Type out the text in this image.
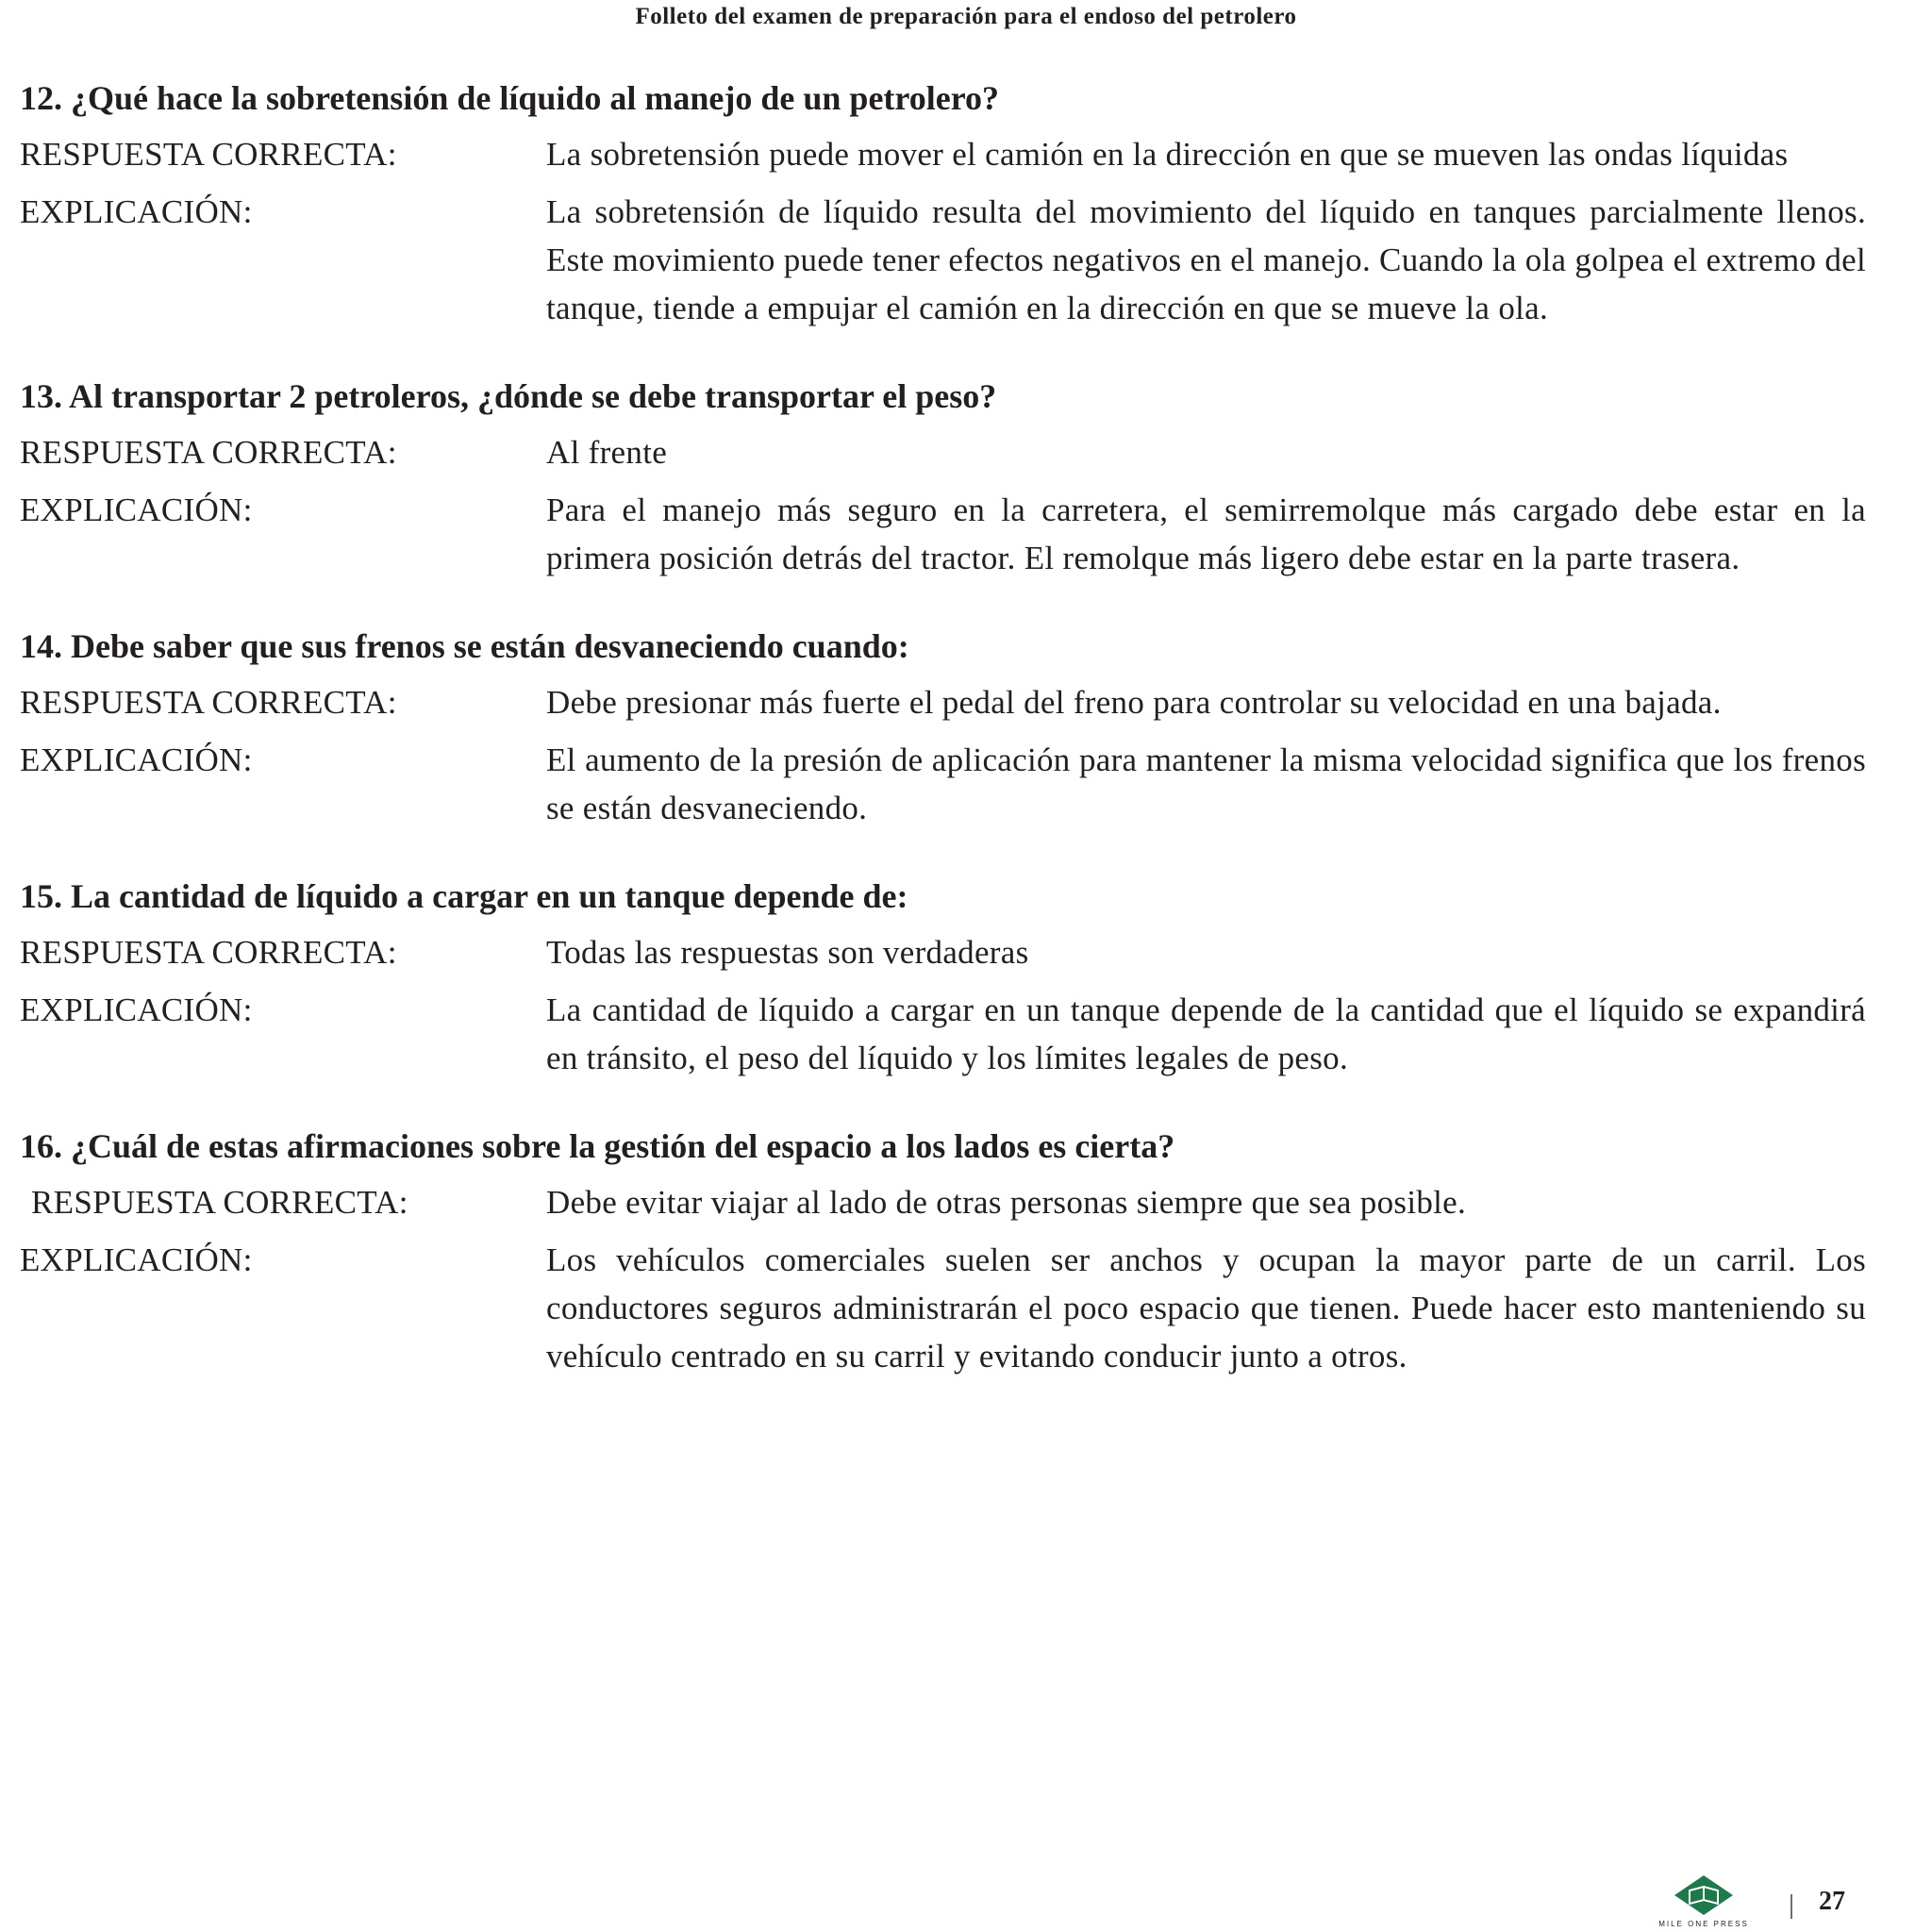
Folleto del examen de preparación para el endoso del petrolero
12. ¿Qué hace la sobretensión de líquido al manejo de un petrolero?
RESPUESTA CORRECTA:	La sobretensión puede mover el camión en la dirección en que se mueven las ondas líquidas
EXPLICACIÓN:	La sobretensión de líquido resulta del movimiento del líquido en tanques parcialmente llenos. Este movimiento puede tener efectos negativos en el manejo. Cuando la ola golpea el extremo del tanque, tiende a empujar el camión en la dirección en que se mueve la ola.
13. Al transportar 2 petroleros, ¿dónde se debe transportar el peso?
RESPUESTA CORRECTA:	Al frente
EXPLICACIÓN:	Para el manejo más seguro en la carretera, el semirremolque más cargado debe estar en la primera posición detrás del tractor. El remolque más ligero debe estar en la parte trasera.
14. Debe saber que sus frenos se están desvaneciendo cuando:
RESPUESTA CORRECTA:	Debe presionar más fuerte el pedal del freno para controlar su velocidad en una bajada.
EXPLICACIÓN:	El aumento de la presión de aplicación para mantener la misma velocidad significa que los frenos se están desvaneciendo.
15. La cantidad de líquido a cargar en un tanque depende de:
RESPUESTA CORRECTA:	Todas las respuestas son verdaderas
EXPLICACIÓN:	La cantidad de líquido a cargar en un tanque depende de la cantidad que el líquido se expandirá en tránsito, el peso del líquido y los límites legales de peso.
16. ¿Cuál de estas afirmaciones sobre la gestión del espacio a los lados es cierta?
RESPUESTA CORRECTA:	Debe evitar viajar al lado de otras personas siempre que sea posible.
EXPLICACIÓN:	Los vehículos comerciales suelen ser anchos y ocupan la mayor parte de un carril. Los conductores seguros administrarán el poco espacio que tienen. Puede hacer esto manteniendo su vehículo centrado en su carril y evitando conducir junto a otros.
MILE ONE PRESS
27
